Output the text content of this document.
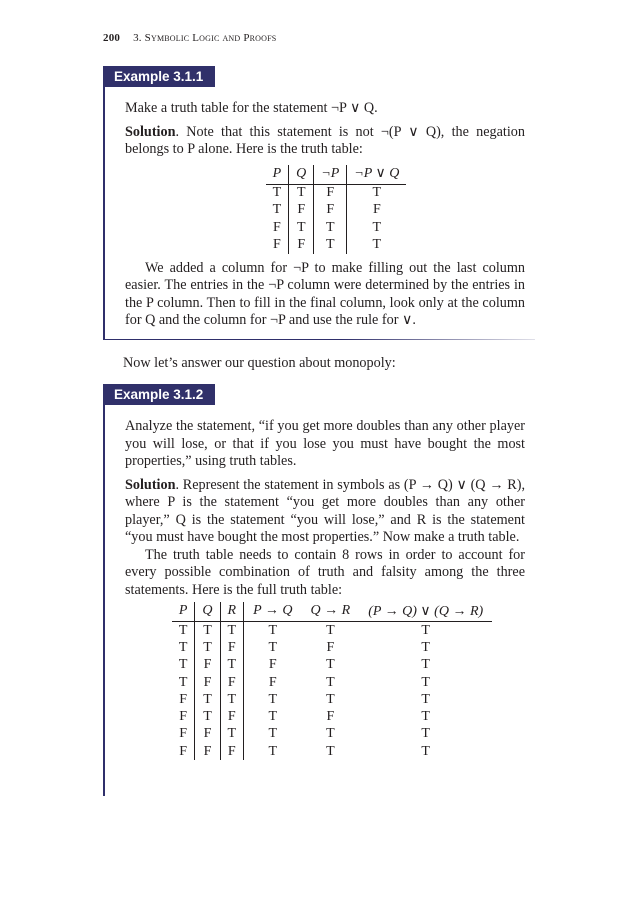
200 3. Symbolic Logic and Proofs
Example 3.1.1

Make a truth table for the statement ¬P ∨ Q.

Solution. Note that this statement is not ¬(P ∨ Q), the negation belongs to P alone. Here is the truth table:

P	Q	¬P	¬P ∨ Q
T	T	F	T
T	F	F	F
F	T	T	T
F	F	T	T

We added a column for ¬P to make filling out the last column easier. The entries in the ¬P column were determined by the entries in the P column. Then to fill in the final column, look only at the column for Q and the column for ¬P and use the rule for ∨.

Now let’s answer our question about monopoly:
Example 3.1.2

Analyze the statement, “if you get more doubles than any other player you will lose, or that if you lose you must have bought the most properties,” using truth tables.

Solution. Represent the statement in symbols as (P → Q) ∨ (Q → R), where P is the statement “you get more doubles than any other player,” Q is the statement “you will lose,” and R is the statement “you must have bought the most properties.” Now make a truth table.

The truth table needs to contain 8 rows in order to account for every possible combination of truth and falsity among the three statements. Here is the full truth table:

P	Q	R	P → Q	Q → R	(P → Q) ∨ (Q → R)
T	T	T	T	T	T
T	T	F	T	F	T
T	F	T	F	T	T
T	F	F	F	T	T
F	T	T	T	T	T
F	T	F	T	F	T
F	F	T	T	T	T
F	F	F	T	T	T
